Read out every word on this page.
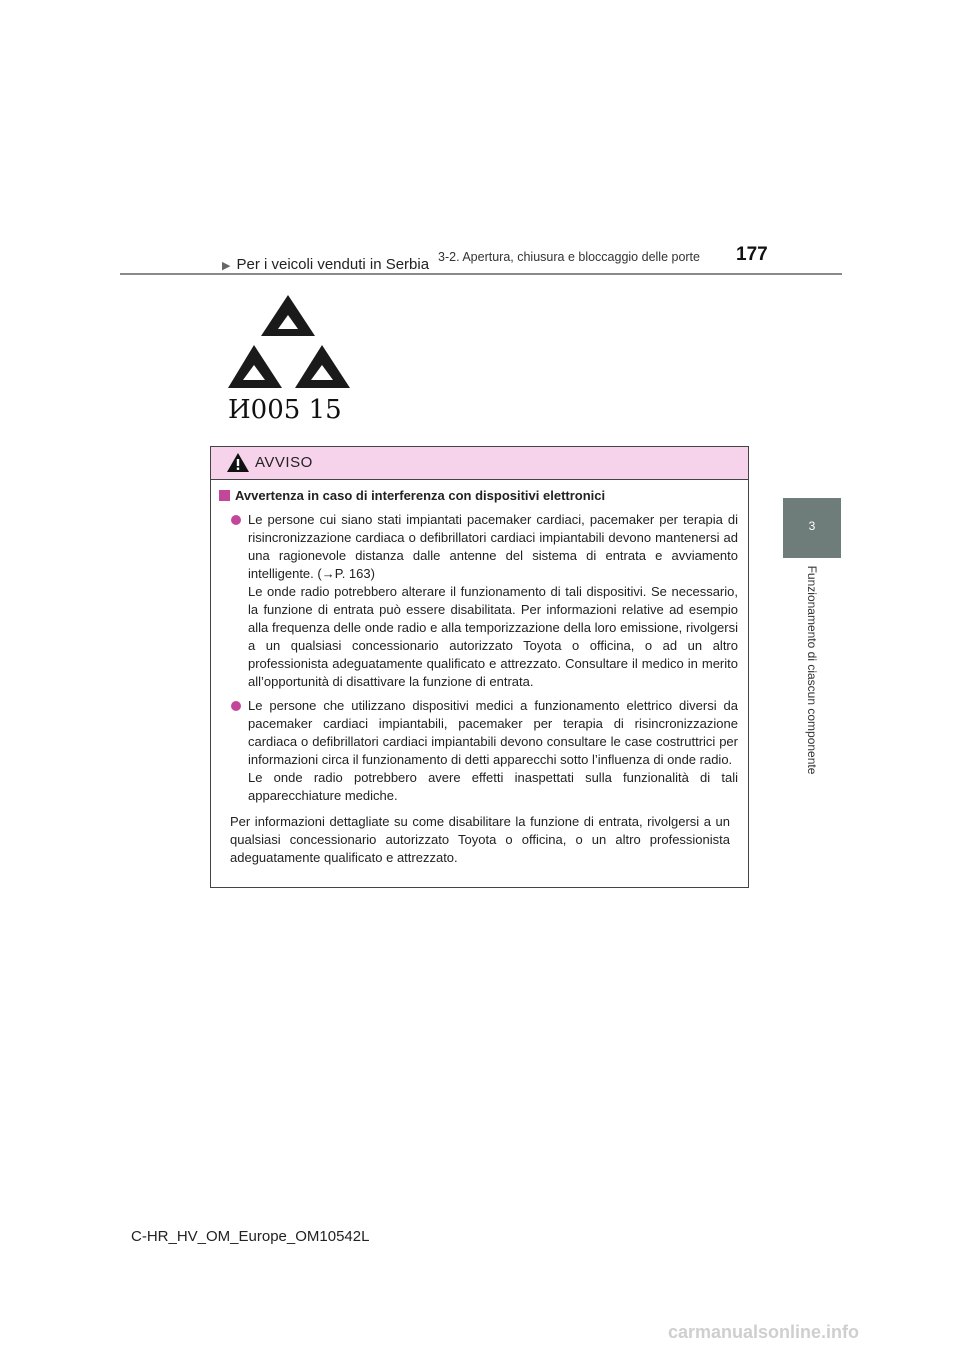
3-2. Apertura, chiusura e bloccaggio delle porte 177
3
Funzionamento di ciascun componente
▶ Per i veicoli venduti in Serbia
И005 15
AVVISO
Avvertenza in caso di interferenza con dispositivi elettronici

Le persone cui siano stati impiantati pacemaker cardiaci, pacemaker per terapia di risincronizzazione cardiaca o defibrillatori cardiaci impiantabili devono mantenersi ad una ragionevole distanza dalle antenne del sistema di entrata e avviamento intelligente. (→P. 163)

Le onde radio potrebbero alterare il funzionamento di tali dispositivi. Se necessario, la funzione di entrata può essere disabilitata. Per informazioni relative ad esempio alla frequenza delle onde radio e alla temporizzazione della loro emissione, rivolgersi a un qualsiasi concessionario autorizzato Toyota o officina, o ad un altro professionista adeguatamente qualificato e attrezzato. Consultare il medico in merito all’opportunità di disattivare la funzione di entrata.

Le persone che utilizzano dispositivi medici a funzionamento elettrico diversi da pacemaker cardiaci impiantabili, pacemaker per terapia di risincronizzazione cardiaca o defibrillatori cardiaci impiantabili devono consultare le case costruttrici per informazioni circa il funzionamento di detti apparecchi sotto l’influenza di onde radio.

Le onde radio potrebbero avere effetti inaspettati sulla funzionalità di tali apparecchiature mediche.

Per informazioni dettagliate su come disabilitare la funzione di entrata, rivolgersi a un qualsiasi concessionario autorizzato Toyota o officina, o un altro professionista adeguatamente qualificato e attrezzato.
C-HR_HV_OM_Europe_OM10542L
carmanualsonline.info
